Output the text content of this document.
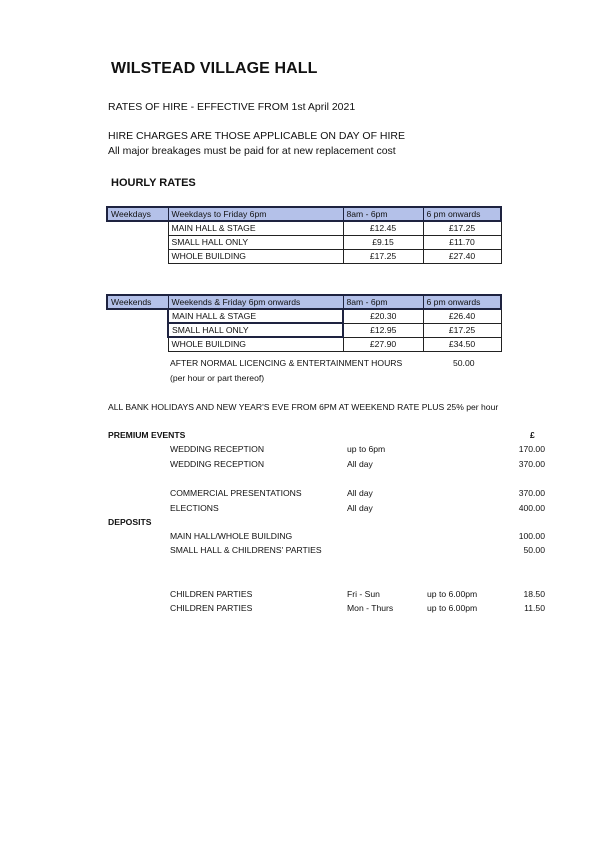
WILSTEAD VILLAGE HALL
RATES OF HIRE - EFFECTIVE FROM 1st April 2021
HIRE CHARGES ARE THOSE APPLICABLE ON DAY OF HIRE
All major breakages must be paid for at new replacement cost
HOURLY RATES
Weekdays	Weekdays to Friday 6pm	8am - 6pm	6 pm onwards
	MAIN HALL & STAGE	£12.45	£17.25
	SMALL HALL ONLY	£9.15	£11.70
	WHOLE BUILDING	£17.25	£27.40
Weekends	Weekends & Friday 6pm onwards	8am - 6pm	6 pm onwards
	MAIN HALL & STAGE	£20.30	£26.40
	SMALL HALL ONLY	£12.95	£17.25
	WHOLE BUILDING	£27.90	£34.50
AFTER NORMAL LICENCING & ENTERTAINMENT HOURS	50.00
(per hour or part thereof)
ALL BANK HOLIDAYS AND NEW YEAR'S EVE FROM 6PM AT WEEKEND RATE PLUS 25% per hour
PREMIUM EVENTS	£
WEDDING RECEPTION	up to 6pm	170.00
WEDDING RECEPTION	All day	370.00
COMMERCIAL PRESENTATIONS	All day	370.00
ELECTIONS	All day	400.00
DEPOSITS
MAIN HALL/WHOLE BUILDING	100.00
SMALL HALL & CHILDRENS' PARTIES	50.00
CHILDREN PARTIES	Fri - Sun	up to 6.00pm	18.50
CHILDREN PARTIES	Mon - Thurs	up to 6.00pm	11.50
